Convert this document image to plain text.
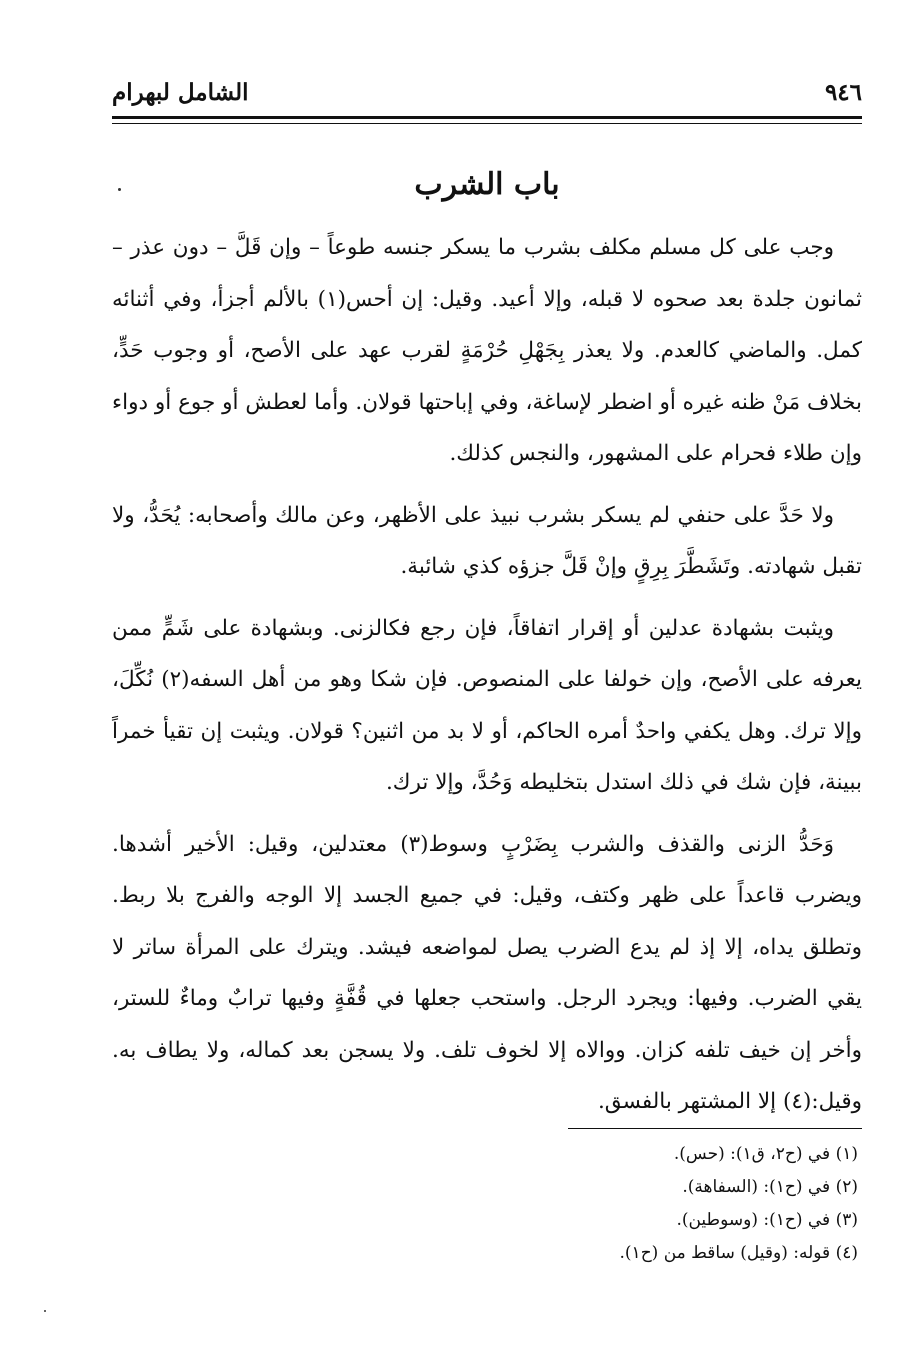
٩٤٦
الشامل لبهرام
باب الشرب

وجب على كل مسلم مكلف بشرب ما يسكر جنسه طوعاً – وإن قَلَّ – دون عذر – ثمانون جلدة بعد صحوه لا قبله، وإلا أعيد. وقيل: إن أحس(١) بالألم أجزأ، وفي أثنائه كمل. والماضي كالعدم. ولا يعذر بِجَهْلِ حُرْمَةٍ لقرب عهد على الأصح، أو وجوب حَدٍّ، بخلاف مَنْ ظنه غيره أو اضطر لإساغة، وفي إباحتها قولان. وأما لعطش أو جوع أو دواء وإن طلاء فحرام على المشهور، والنجس كذلك.

ولا حَدَّ على حنفي لم يسكر بشرب نبيذ على الأظهر، وعن مالك وأصحابه: يُحَدُّ، ولا تقبل شهادته. وتَشَطَّرَ بِرِقٍ وإنْ قَلَّ جزؤه كذي شائبة.

ويثبت بشهادة عدلين أو إقرار اتفاقاً، فإن رجع فكالزنى. وبشهادة على شَمٍّ ممن يعرفه على الأصح، وإن خولفا على المنصوص. فإن شكا وهو من أهل السفه(٢) نُكِّلَ، وإلا ترك. وهل يكفي واحدٌ أمره الحاكم، أو لا بد من اثنين؟ قولان. ويثبت إن تقيأ خمراً ببينة، فإن شك في ذلك استدل بتخليطه وَحُدَّ، وإلا ترك.

وَحَدُّ الزنى والقذف والشرب بِضَرْبٍ وسوط(٣) معتدلين، وقيل: الأخير أشدها. ويضرب قاعداً على ظهر وكتف، وقيل: في جميع الجسد إلا الوجه والفرج بلا ربط. وتطلق يداه، إلا إذ لم يدع الضرب يصل لمواضعه فيشد. ويترك على المرأة ساتر لا يقي الضرب. وفيها: ويجرد الرجل. واستحب جعلها في قُفَّةٍ وفيها ترابٌ وماءٌ للستر، وأخر إن خيف تلفه كزان. ووالاه إلا لخوف تلف. ولا يسجن بعد كماله، ولا يطاف به. وقيل:(٤) إلا المشتهر بالفسق.

(١) في (ح٢، ق١): (حس).

(٢) في (ح١): (السفاهة).

(٣) في (ح١): (وسوطين).

(٤) قوله: (وقيل) ساقط من (ح١).
